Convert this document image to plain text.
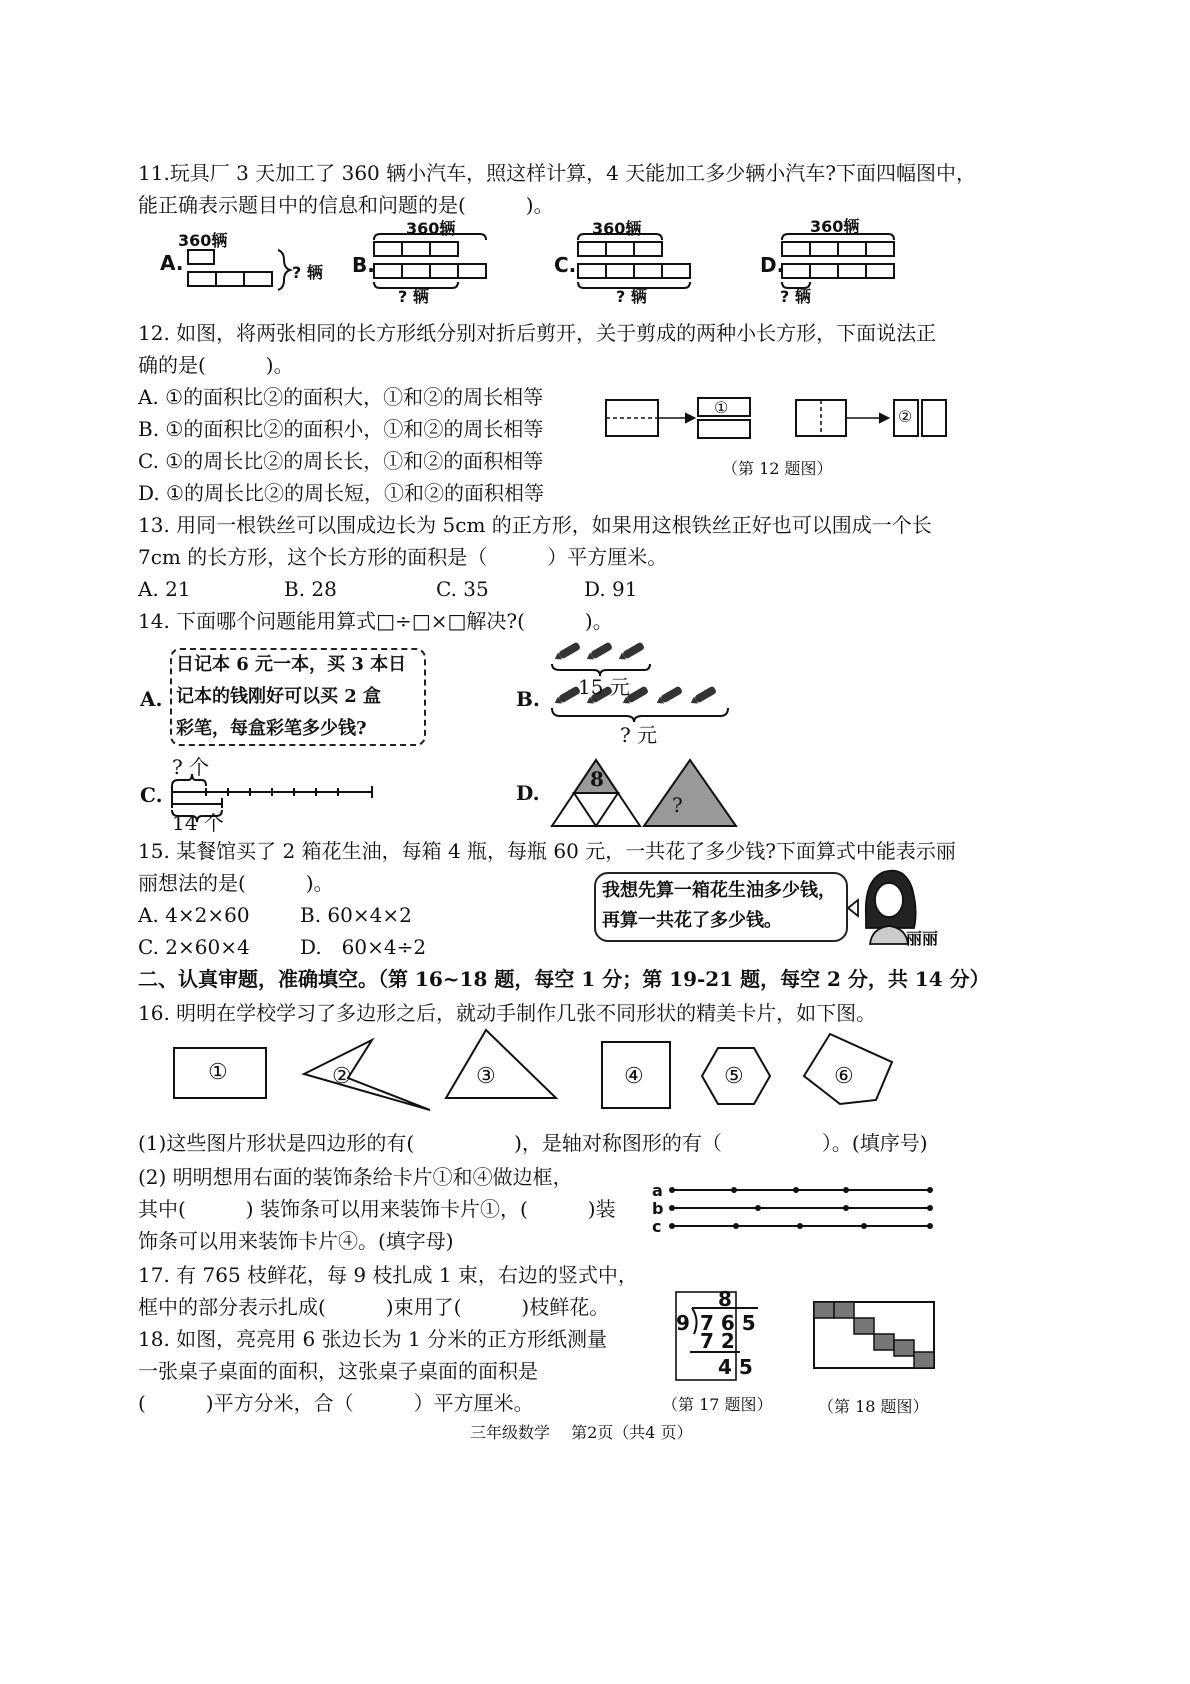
11.玩具厂 3 天加工了 360 辆小汽车，照这样计算，4 天能加工多少辆小汽车?下面四幅图中，
能正确表示题目中的信息和问题的是(　　　)。
A.
360辆
? 辆 B.
360辆
? 辆
C.
360辆
? 辆
D.
360辆
? 辆
12. 如图，将两张相同的长方形纸分别对折后剪开，关于剪成的两种小长方形，下面说法正
确的是(　　　)。
A. ①的面积比②的面积大，①和②的周长相等
B. ①的面积比②的面积小，①和②的周长相等
C. ①的周长比②的周长长，①和②的面积相等
D. ①的周长比②的周长短，①和②的面积相等
①	②
（第 12 题图）
13. 用同一根铁丝可以围成边长为 5cm 的正方形，如果用这根铁丝正好也可以围成一个长
7cm 的长方形，这个长方形的面积是（　　　）平方厘米。
A. 21	B. 28	C. 35	D. 91
14. 下面哪个问题能用算式□÷□×□解决?(　　　)。
A.
日记本 6 元一本，买 3 本日
记本的钱刚好可以买 2 盒
彩笔，每盒彩笔多少钱?
B. 15 元
? 元
C.
? 个
14 个
D.
8
?
15. 某餐馆买了 2 箱花生油，每箱 4 瓶，每瓶 60 元，一共花了多少钱?下面算式中能表示丽
丽想法的是(　　　)。
A. 4×2×60	B. 60×4×2
C. 2×60×4	D.　60×4÷2
我想先算一箱花生油多少钱，
再算一共花了多少钱。
丽丽
二、认真审题，准确填空。（第 16~18 题，每空 1 分；第 19-21 题，每空 2 分，共 14 分）
16. 明明在学校学习了多边形之后，就动手制作几张不同形状的精美卡片，如下图。
①	②	③	④	⑤	⑥
(1)这些图片形状是四边形的有(　　　　　)，是轴对称图形的有（　　　　　）。(填序号)
(2) 明明想用右面的装饰条给卡片①和④做边框，
其中(　　　) 装饰条可以用来装饰卡片①，(　　　)装
饰条可以用来装饰卡片④。(填字母)
a
b
c
17. 有 765 枝鲜花，每 9 枝扎成 1 束，右边的竖式中，
框中的部分表示扎成(　　　)束用了(　　　)枝鲜花。	8
9 7 6 5
7 2
4 5
（第 17 题图）
18. 如图，亮亮用 6 张边长为 1 分米的正方形纸测量
一张桌子桌面的面积，这张桌子桌面的面积是
(　　　)平方分米，合（　　　）平方厘米。	（第 18 题图）
三年级数学　 第2页（共4 页）
